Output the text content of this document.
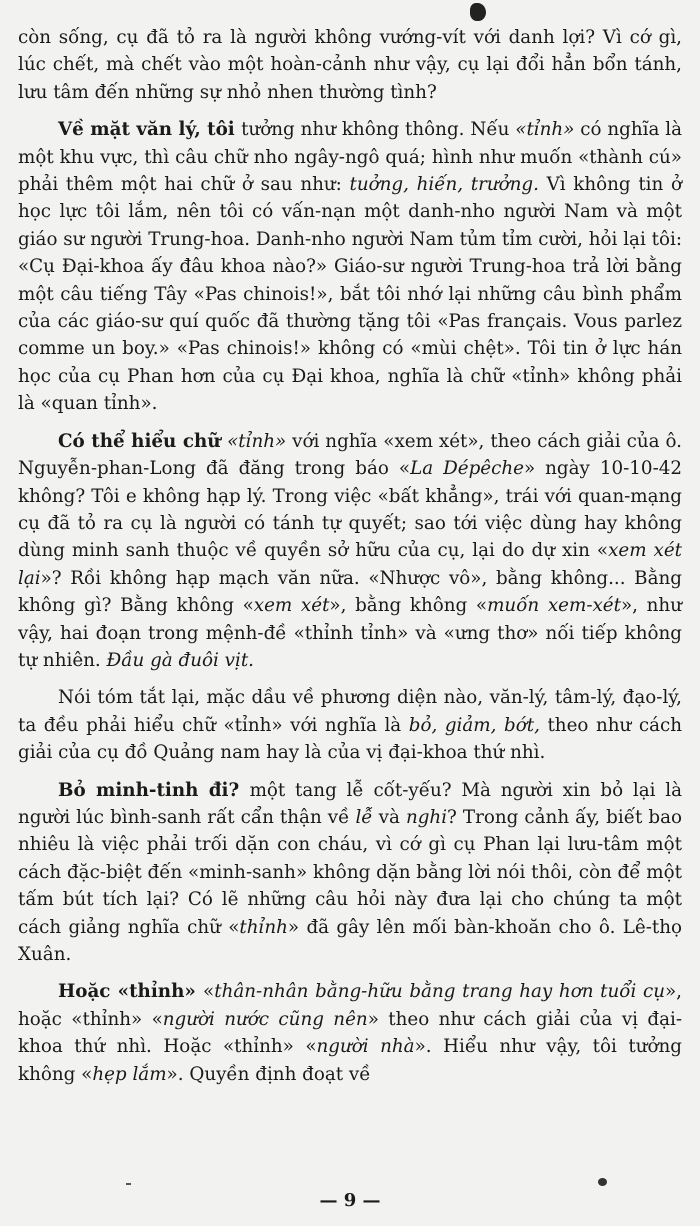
còn sống, cụ đã tỏ ra là người không vướng-vít với danh lợi? Vì cớ gì, lúc chết, mà chết vào một hoàn-cảnh như vậy, cụ lại đổi hẳn bổn tánh, lưu tâm đến những sự nhỏ nhen thường tình?

Về mặt văn lý, tôi tưởng như không thông. Nếu «tỉnh» có nghĩa là một khu vực, thì câu chữ nho ngây-ngô quá; hình như muốn «thành cú» phải thêm một hai chữ ở sau như: tuởng, hiến, trưởng. Vì không tin ở học lực tôi lắm, nên tôi có vấn-nạn một danh-nho người Nam và một giáo sư người Trung-hoa. Danh-nho người Nam tủm tỉm cười, hỏi lại tôi: «Cụ Đại-khoa ấy đâu khoa nào?» Giáo-sư người Trung-hoa trả lời bằng một câu tiếng Tây «Pas chinois!», bắt tôi nhớ lại những câu bình phẩm của các giáo-sư quí quốc đã thường tặng tôi «Pas français. Vous parlez comme un boy.» «Pas chinois!» không có «mùi chệt». Tôi tin ở lực hán học của cụ Phan hơn của cụ Đại khoa, nghĩa là chữ «tỉnh» không phải là «quan tỉnh».

Có thể hiểu chữ «tỉnh» với nghĩa «xem xét», theo cách giải của ô. Nguyễn-phan-Long đã đăng trong báo «La Dépêche» ngày 10-10-42 không? Tôi e không hạp lý. Trong việc «bất khẳng», trái với quan-mạng cụ đã tỏ ra cụ là người có tánh tự quyết; sao tới việc dùng hay không dùng minh sanh thuộc về quyền sở hữu của cụ, lại do dự xin «xem xét lại»? Rồi không hạp mạch văn nữa. «Nhược vô», bằng không... Bằng không gì? Bằng không «xem xét», bằng không «muốn xem-xét», như vậy, hai đoạn trong mệnh-đề «thỉnh tỉnh» và «ưng thơ» nối tiếp không tự nhiên. Đầu gà đuôi vịt.

Nói tóm tắt lại, mặc dầu về phương diện nào, văn-lý, tâm-lý, đạo-lý, ta đều phải hiểu chữ «tỉnh» với nghĩa là bỏ, giảm, bớt, theo như cách giải của cụ đồ Quảng nam hay là của vị đại-khoa thứ nhì.

Bỏ minh-tinh đi? một tang lễ cốt-yếu? Mà người xin bỏ lại là người lúc bình-sanh rất cẩn thận về lễ và nghi? Trong cảnh ấy, biết bao nhiêu là việc phải trối dặn con cháu, vì cớ gì cụ Phan lại lưu-tâm một cách đặc-biệt đến «minh-sanh» không dặn bằng lời nói thôi, còn để một tấm bút tích lại? Có lẽ những câu hỏi này đưa lại cho chúng ta một cách giảng nghĩa chữ «thỉnh» đã gây lên mối bàn-khoăn cho ô. Lê-thọ Xuân.

Hoặc «thỉnh» «thân-nhân bằng-hữu bằng trang hay hơn tuổi cụ», hoặc «thỉnh» «người nước cũng nên» theo như cách giải của vị đại-khoa thứ nhì. Hoặc «thỉnh» «người nhà». Hiểu như vậy, tôi tưởng không «hẹp lắm». Quyền định đoạt về

— 9 —
